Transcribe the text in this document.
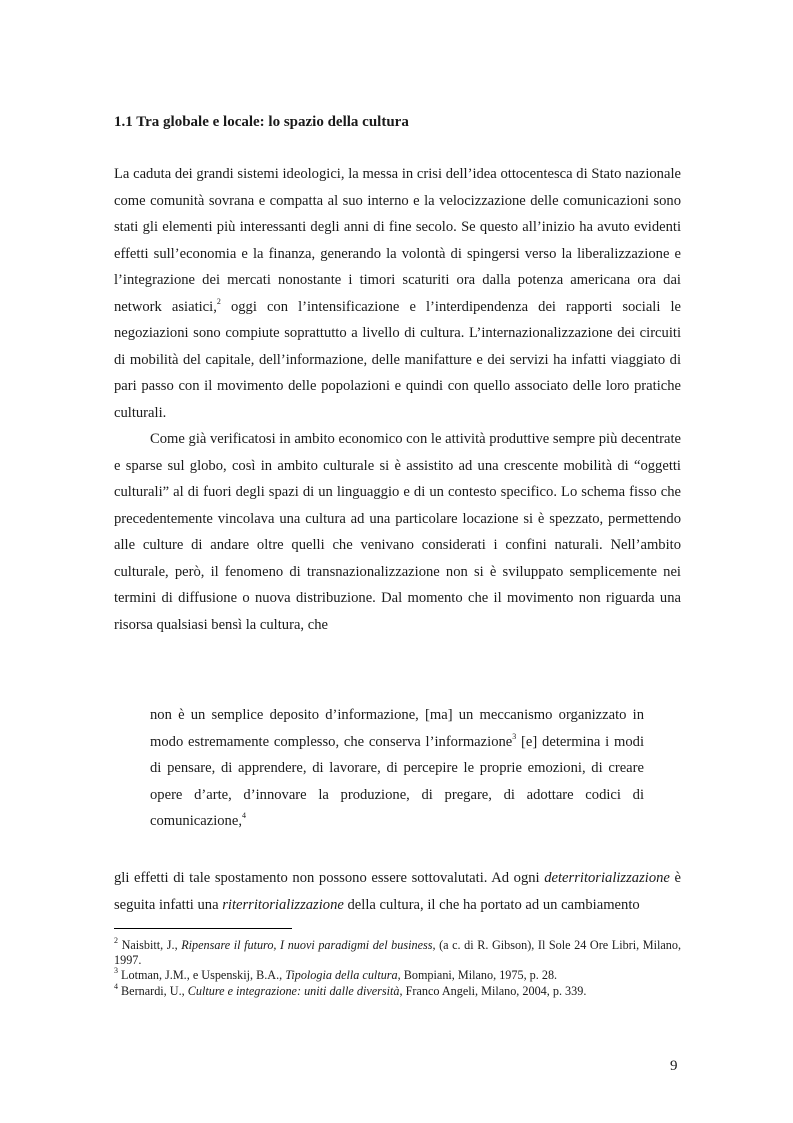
1.1 Tra globale e locale: lo spazio della cultura

La caduta dei grandi sistemi ideologici, la messa in crisi dell’idea ottocentesca di Stato nazionale come comunità sovrana e compatta al suo interno e la velocizzazione delle comunicazioni sono stati gli elementi più interessanti degli anni di fine secolo. Se questo all’inizio ha avuto evidenti effetti sull’economia e la finanza, generando la volontà di spingersi verso la liberalizzazione e l’integrazione dei mercati nonostante i timori scaturiti ora dalla potenza americana ora dai network asiatici,$^2$ oggi con l’intensificazione e l’interdipendenza dei rapporti sociali le negoziazioni sono compiute soprattutto a livello di cultura. L’internazionalizzazione dei circuiti di mobilità del capitale, dell’informazione, delle manifatture e dei servizi ha infatti viaggiato di pari passo con il movimento delle popolazioni e quindi con quello associato delle loro pratiche culturali.

Come già verificatosi in ambito economico con le attività produttive sempre più decentrate e sparse sul globo, così in ambito culturale si è assistito ad una crescente mobilità di “oggetti culturali” al di fuori degli spazi di un linguaggio e di un contesto specifico. Lo schema fisso che precedentemente vincolava una cultura ad una particolare locazione si è spezzato, permettendo alle culture di andare oltre quelli che venivano considerati i confini naturali. Nell’ambito culturale, però, il fenomeno di transnazionalizzazione non si è sviluppato semplicemente nei termini di diffusione o nuova distribuzione. Dal momento che il movimento non riguarda una risorsa qualsiasi bensì la cultura, che

non è un semplice deposito d’informazione, [ma] un meccanismo organizzato in modo estremamente complesso, che conserva l’informazione$^3$ [e] determina i modi di pensare, di apprendere, di lavorare, di percepire le proprie emozioni, di creare opere d’arte, d’innovare la produzione, di pregare, di adottare codici di comunicazione,$^4$
gli effetti di tale spostamento non possono essere sottovalutati. Ad ogni deterritorializzazione è seguita infatti una riterritorializzazione della cultura, il che ha portato ad un cambiamento

$^2$ Naisbitt, J., Ripensare il futuro, I nuovi paradigmi del business, (a c. di R. Gibson), Il Sole 24 Ore Libri, Milano, 1997.

$^3$ Lotman, J.M., e Uspenskij, B.A., Tipologia della cultura, Bompiani, Milano, 1975, p. 28.

$^4$ Bernardi, U., Culture e integrazione: uniti dalle diversità, Franco Angeli, Milano, 2004, p. 339.

9
